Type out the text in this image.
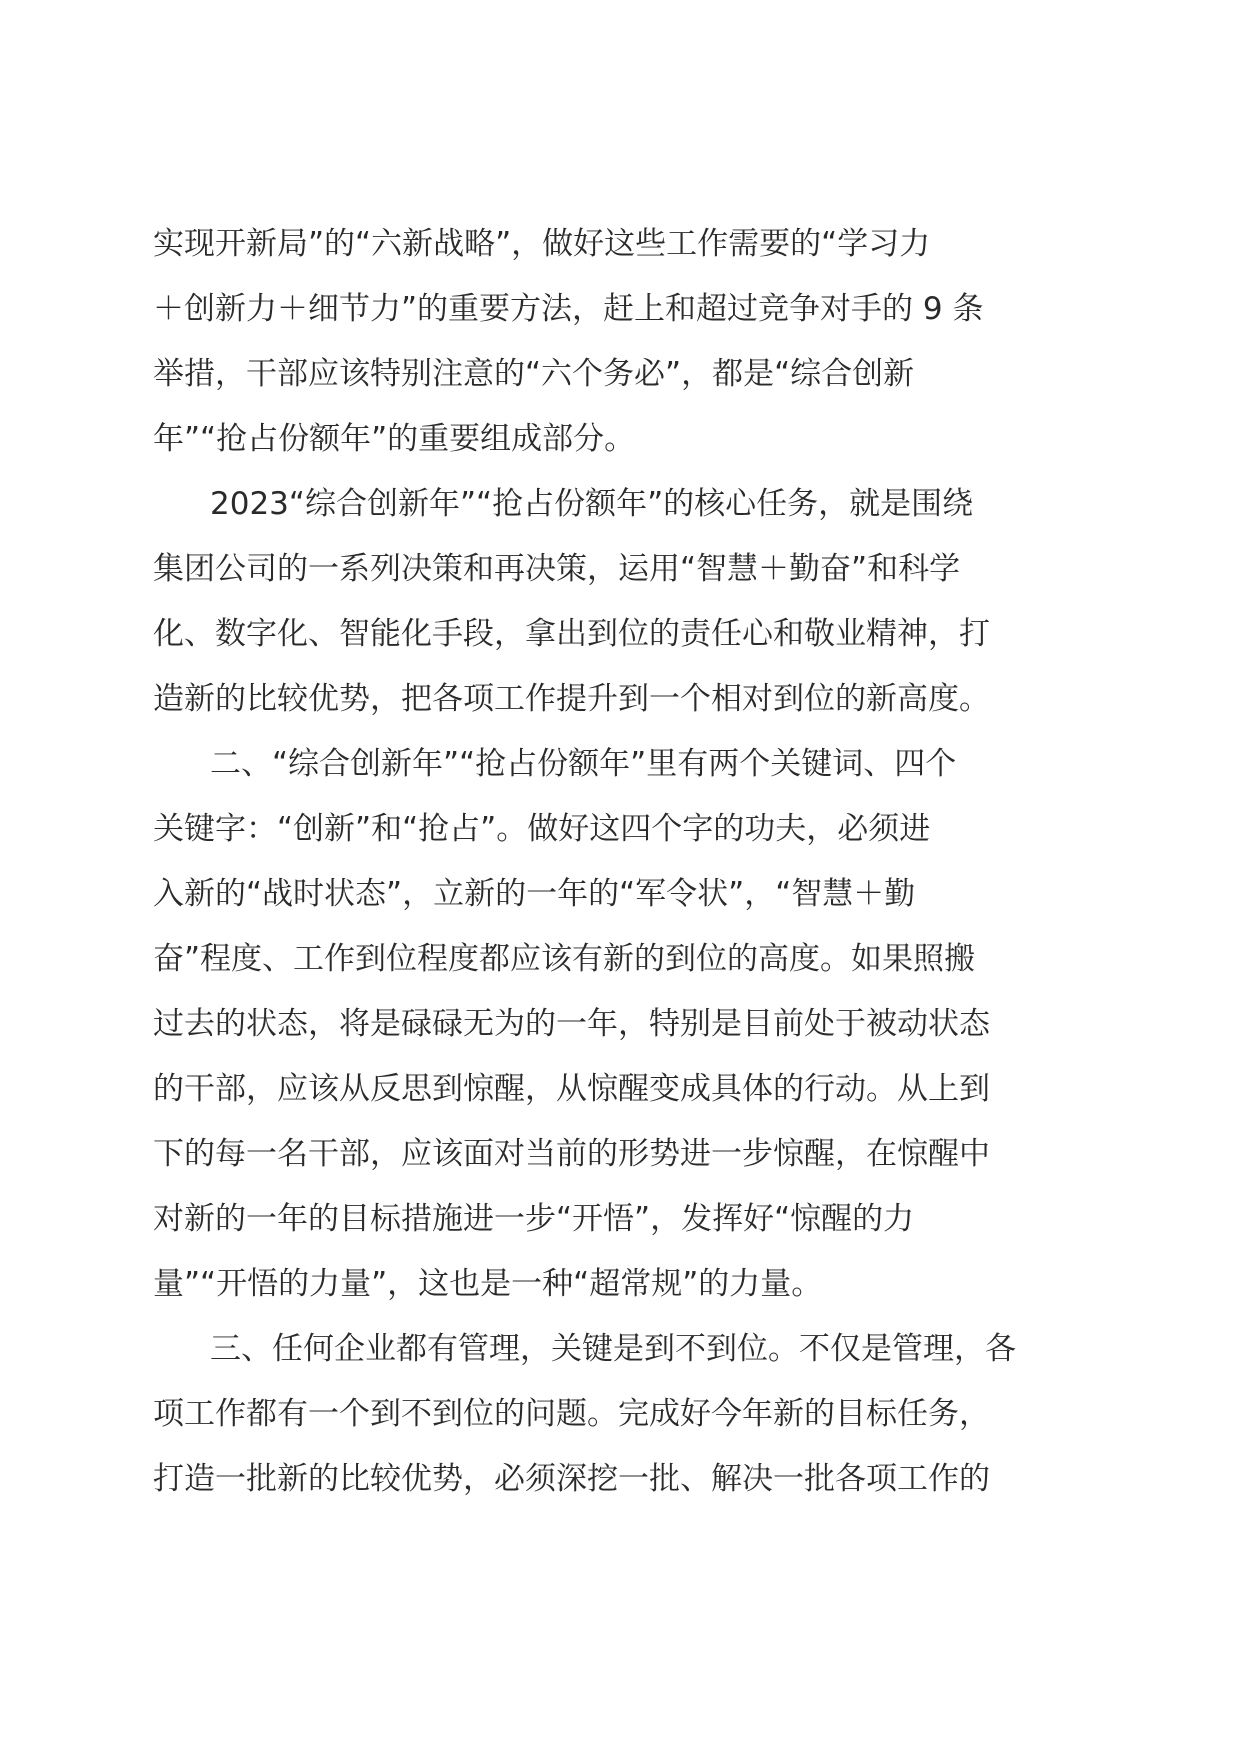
实现开新局”的“六新战略”，做好这些工作需要的“学习力
＋创新力＋细节力”的重要方法，赶上和超过竞争对手的 9 条
举措，干部应该特别注意的“六个务必”，都是“综合创新
年”“抢占份额年”的重要组成部分。
2023“综合创新年”“抢占份额年”的核心任务，就是围绕
集团公司的一系列决策和再决策，运用“智慧＋勤奋”和科学
化、数字化、智能化手段，拿出到位的责任心和敬业精神，打
造新的比较优势，把各项工作提升到一个相对到位的新高度。
二、“综合创新年”“抢占份额年”里有两个关键词、四个
关键字：“创新”和“抢占”。做好这四个字的功夫，必须进
入新的“战时状态”，立新的一年的“军令状”，“智慧＋勤
奋”程度、工作到位程度都应该有新的到位的高度。如果照搬
过去的状态，将是碌碌无为的一年，特别是目前处于被动状态
的干部，应该从反思到惊醒，从惊醒变成具体的行动。从上到
下的每一名干部，应该面对当前的形势进一步惊醒，在惊醒中
对新的一年的目标措施进一步“开悟”，发挥好“惊醒的力
量”“开悟的力量”，这也是一种“超常规”的力量。
三、任何企业都有管理，关键是到不到位。不仅是管理，各
项工作都有一个到不到位的问题。完成好今年新的目标任务，
打造一批新的比较优势，必须深挖一批、解决一批各项工作的
